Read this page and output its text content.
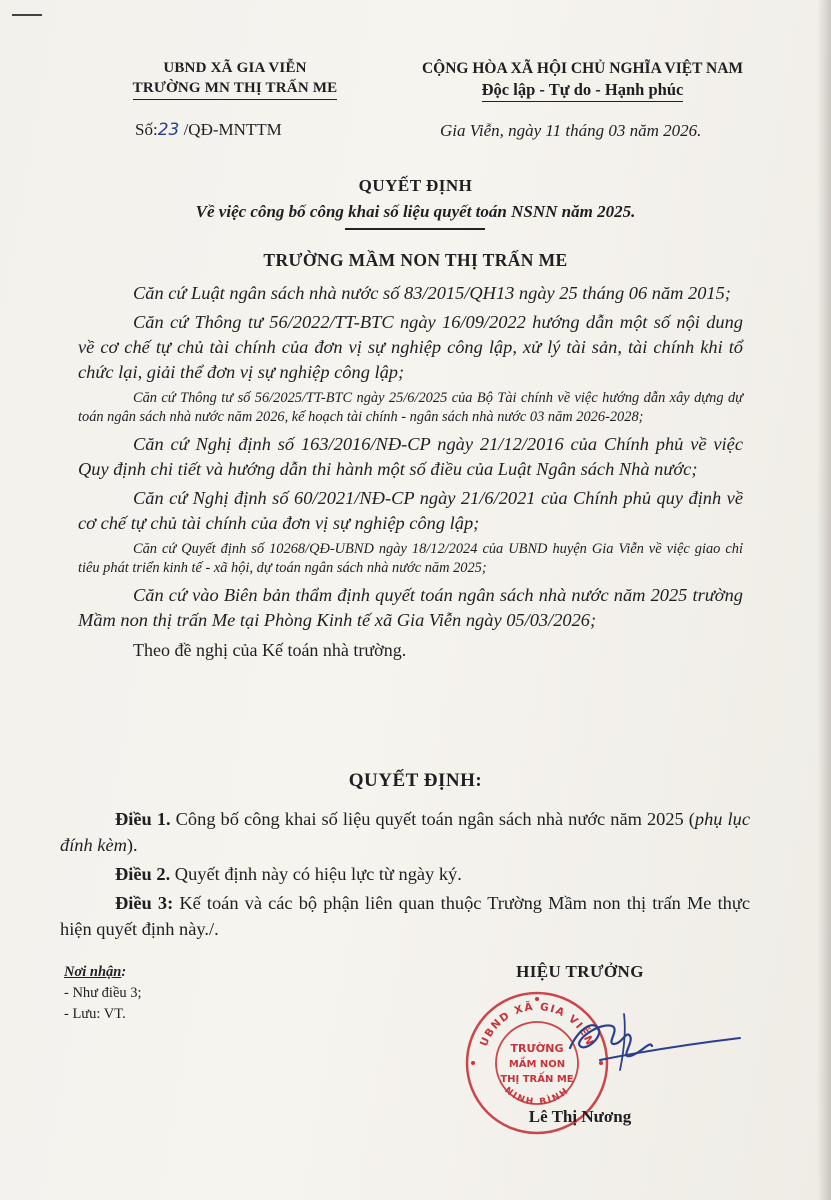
UBND XÃ GIA VIỄN
TRƯỜNG MN THỊ TRẤN ME
CỘNG HÒA XÃ HỘI CHỦ NGHĨA VIỆT NAM
Độc lập - Tự do - Hạnh phúc
Số:23 /QĐ-MNTTM	Gia Viễn, ngày 11 tháng 03 năm 2026.
QUYẾT ĐỊNH
Về việc công bố công khai số liệu quyết toán NSNN năm 2025.
TRƯỜNG MẦM NON THỊ TRẤN ME

Căn cứ Luật ngân sách nhà nước số 83/2015/QH13 ngày 25 tháng 06 năm 2015;

Căn cứ Thông tư 56/2022/TT-BTC ngày 16/09/2022 hướng dẫn một số nội dung về cơ chế tự chủ tài chính của đơn vị sự nghiệp công lập, xử lý tài sản, tài chính khi tổ chức lại, giải thể đơn vị sự nghiệp công lập;

Căn cứ Thông tư số 56/2025/TT-BTC ngày 25/6/2025 của Bộ Tài chính về việc hướng dẫn xây dựng dự toán ngân sách nhà nước năm 2026, kế hoạch tài chính - ngân sách nhà nước 03 năm 2026-2028;

Căn cứ Nghị định số 163/2016/NĐ-CP ngày 21/12/2016 của Chính phủ về việc Quy định chi tiết và hướng dẫn thi hành một số điều của Luật Ngân sách Nhà nước;

Căn cứ Nghị định số 60/2021/NĐ-CP ngày 21/6/2021 của Chính phủ quy định về cơ chế tự chủ tài chính của đơn vị sự nghiệp công lập;

Căn cứ Quyết định số 10268/QĐ-UBND ngày 18/12/2024 của UBND huyện Gia Viễn về việc giao chỉ tiêu phát triển kinh tế - xã hội, dự toán ngân sách nhà nước năm 2025;

Căn cứ vào Biên bản thẩm định quyết toán ngân sách nhà nước năm 2025 trường Mầm non thị trấn Me tại Phòng Kinh tế xã Gia Viễn ngày 05/03/2026;

Theo đề nghị của Kế toán nhà trường.

QUYẾT ĐỊNH:

Điều 1. Công bố công khai số liệu quyết toán ngân sách nhà nước năm 2025 (phụ lục đính kèm).

Điều 2. Quyết định này có hiệu lực từ ngày ký.

Điều 3: Kế toán và các bộ phận liên quan thuộc Trường Mầm non thị trấn Me thực hiện quyết định này./.

Nơi nhận:
- Như điều 3;
- Lưu: VT.
HIỆU TRƯỞNG
UBND XÃ GIA VIỄN
NINH BÌNH
TRƯỜNG
MẦM NON
THỊ TRẤN ME
Lê Thị Nương
